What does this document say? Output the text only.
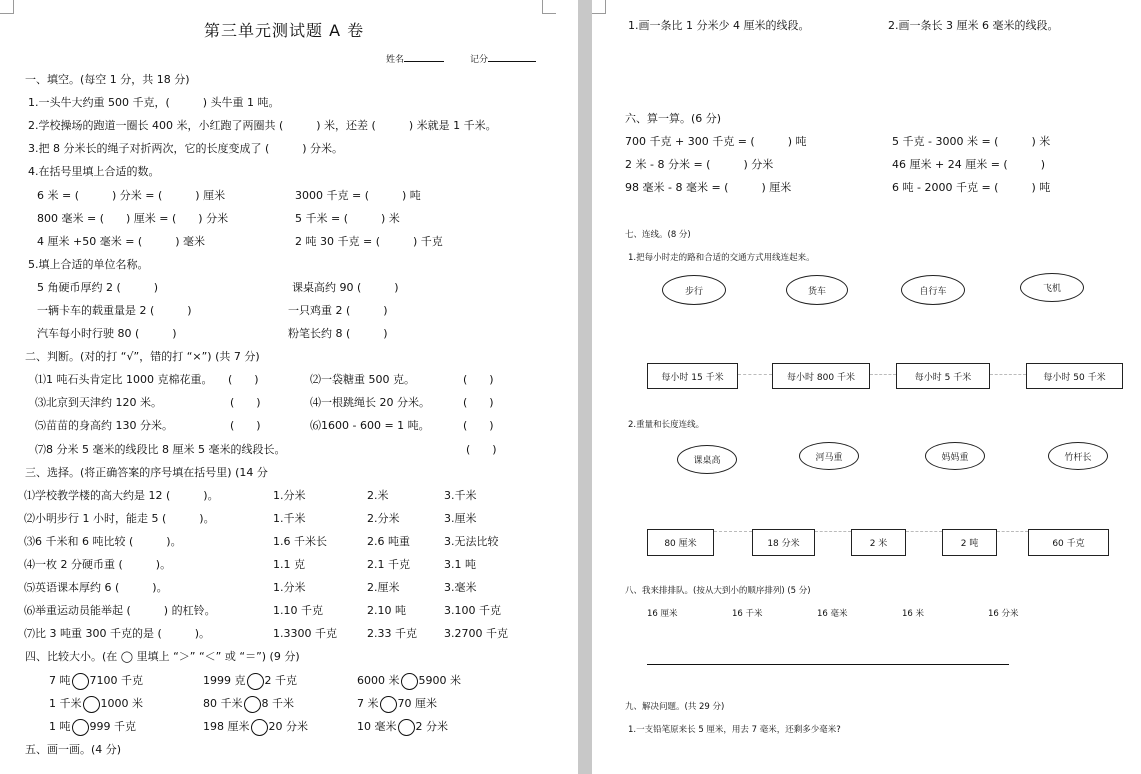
第三单元测试题 A 卷
姓名	记分
一、填空。(每空 1 分，共 18 分)
1.一头牛大约重 500 千克，(　　　) 头牛重 1 吨。
2.学校操场的跑道一圈长 400 米，小红跑了两圈共 (　　　) 米，还差 (　　　) 米就是 1 千米。
3.把 8 分米长的绳子对折两次，它的长度变成了 (　　　) 分米。
4.在括号里填上合适的数。
6 米 = (　　　) 分米 = (　　　) 厘米	3000 千克 = (　　　) 吨
800 毫米 = (　　) 厘米 = (　　) 分米	5 千米 = (　　　) 米
4 厘米 +50 毫米 = (　　　) 毫米	2 吨 30 千克 = (　　　) 千克
5.填上合适的单位名称。
5 角硬币厚约 2 (　　　)	课桌高约 90 (　　　)
一辆卡车的载重量是 2 (　　　)	一只鸡重 2 (　　　)
汽车每小时行驶 80 (　　　)	粉笔长约 8 (　　　)
二、判断。(对的打 “√”，错的打 “×”) (共 7 分)
⑴1 吨石头肯定比 1000 克棉花重。 (　　)	⑵一袋糖重 500 克。	(　　)
⑶北京到天津约 120 米。	(　　)	⑷一根跳绳长 20 分米。	(　　)
⑸苗苗的身高约 130 分米。	(　　)	⑹1600 - 600 = 1 吨。	(　　)
⑺8 分米 5 毫米的线段比 8 厘米 5 毫米的线段长。	(　　)
三、选择。(将正确答案的序号填在括号里) (14 分
四、比较大小。(在 ◯ 里填上 “＞” “＜” 或 “＝”) (9 分)
五、画一画。(4 分)
⑴学校教学楼的高大约是 12 (　　　)。	1.分米	2.米	3.千米
⑵小明步行 1 小时，能走 5 (　　　)。	1.千米	2.分米	3.厘米
⑶6 千米和 6 吨比较 (　　　)。	1.6 千米长	2.6 吨重	3.无法比较
⑷一枚 2 分硬币重 (　　　)。	1.1 克	2.1 千克	3.1 吨
⑸英语课本厚约 6 (　　　)。	1.分米	2.厘米	3.毫米
⑹举重运动员能举起 (　　　) 的杠铃。	1.10 千克	2.10 吨	3.100 千克
⑺比 3 吨重 300 千克的是 (　　　)。	1.3300 千克	2.33 千克 3.2700 千克
7 吨 7100 千克	1999 克 2 千克	6000 米 5900 米
1 千米 1000 米	80 千米 8 千米	7 米 70 厘米
1 吨 999 千克	198 厘米 20 分米	10 毫米 2 分米
1.画一条比 1 分米少 4 厘米的线段。	2.画一条长 3 厘米 6 毫米的线段。
六、算一算。(6 分)
700 千克 + 300 千克 = (　　　) 吨	5 千克 - 3000 米 = (　　　) 米
2 米 - 8 分米 = (　　　) 分米	46 厘米 + 24 厘米 = (　　　)
98 毫米 - 8 毫米 = (　　　) 厘米	6 吨 - 2000 千克 = (　　　) 吨
七、连线。(8 分)
1.把每小时走的路和合适的交通方式用线连起来。
步行	货车	自行车	飞机
每小时 15 千米	每小时 800 千米	每小时 5 千米	每小时 50 千米
2.重量和长度连线。
课桌高	河马重	妈妈重	竹杆长
80 厘米	18 分米	2 米	2 吨	60 千克
八、我来排排队。(按从大到小的顺序排列) (5 分)
16 厘米	16 千米	16 毫米	16 米	16 分米
九、解决问题。(共 29 分)
1.一支铅笔原来长 5 厘米，用去 7 毫米，还剩多少毫米?
